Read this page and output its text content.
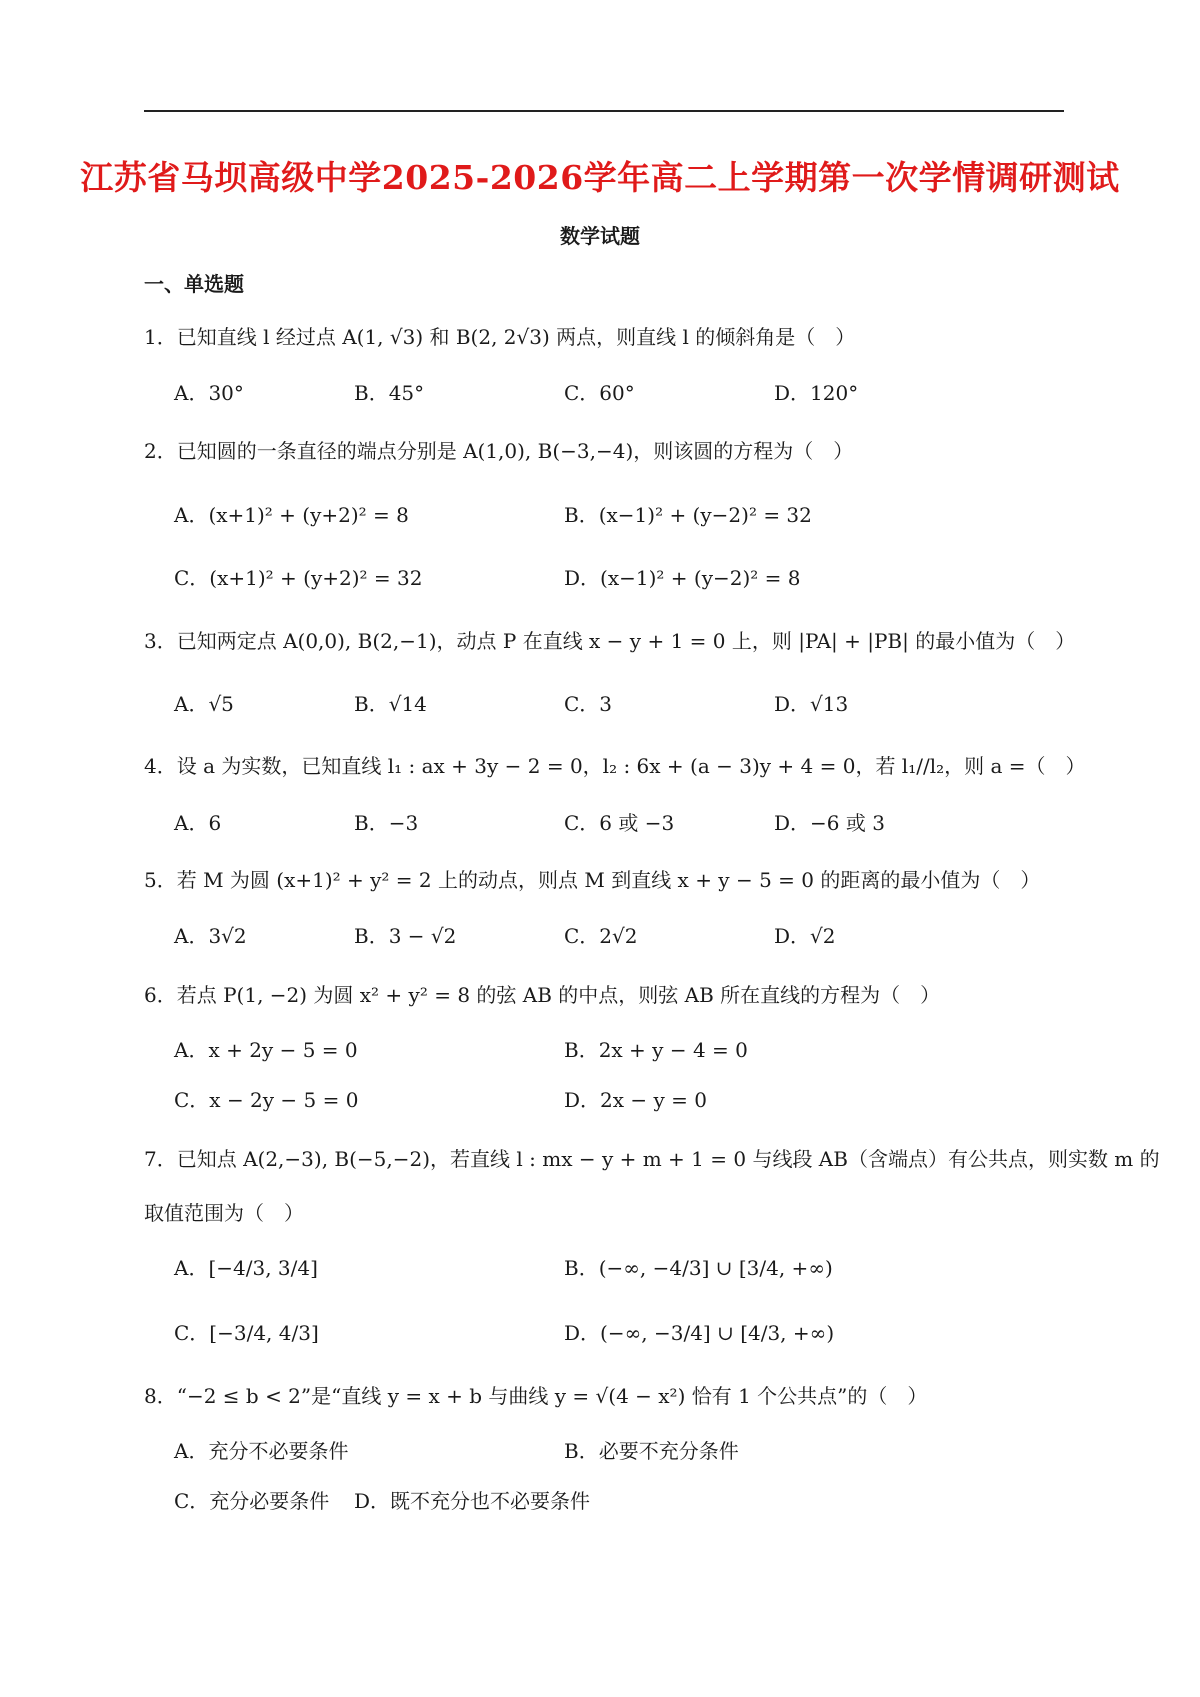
江苏省马坝高级中学2025-2026学年高二上学期第一次学情调研测试
数学试题
一、单选题
1．已知直线 l 经过点 A(1, √3) 和 B(2, 2√3) 两点，则直线 l 的倾斜角是（　）
A．30°	B．45°	C．60°	D．120°
2．已知圆的一条直径的端点分别是 A(1,0), B(−3,−4)，则该圆的方程为（　）
A．(x+1)² + (y+2)² = 8	B．(x−1)² + (y−2)² = 32
C．(x+1)² + (y+2)² = 32	D．(x−1)² + (y−2)² = 8
3．已知两定点 A(0,0), B(2,−1)，动点 P 在直线 x − y + 1 = 0 上，则 |PA| + |PB| 的最小值为（　）
A．√5	B．√14	C．3	D．√13
4．设 a 为实数，已知直线 l₁ : ax + 3y − 2 = 0，l₂ : 6x + (a − 3)y + 4 = 0，若 l₁//l₂，则 a =（　）
A．6	B．−3	C．6 或 −3	D．−6 或 3
5．若 M 为圆 (x+1)² + y² = 2 上的动点，则点 M 到直线 x + y − 5 = 0 的距离的最小值为（　）
A．3√2	B．3 − √2	C．2√2	D．√2
6．若点 P(1, −2) 为圆 x² + y² = 8 的弦 AB 的中点，则弦 AB 所在直线的方程为（　）
A．x + 2y − 5 = 0	B．2x + y − 4 = 0
C．x − 2y − 5 = 0	D．2x − y = 0
7．已知点 A(2,−3), B(−5,−2)，若直线 l : mx − y + m + 1 = 0 与线段 AB（含端点）有公共点，则实数 m 的
取值范围为（　）
A．[−4/3, 3/4]	B．(−∞, −4/3] ∪ [3/4, +∞)
C．[−3/4, 4/3]	D．(−∞, −3/4] ∪ [4/3, +∞)
8．“−2 ≤ b < 2”是“直线 y = x + b 与曲线 y = √(4 − x²) 恰有 1 个公共点”的（　）
A．充分不必要条件	B．必要不充分条件
C．充分必要条件 D．既不充分也不必要条件
